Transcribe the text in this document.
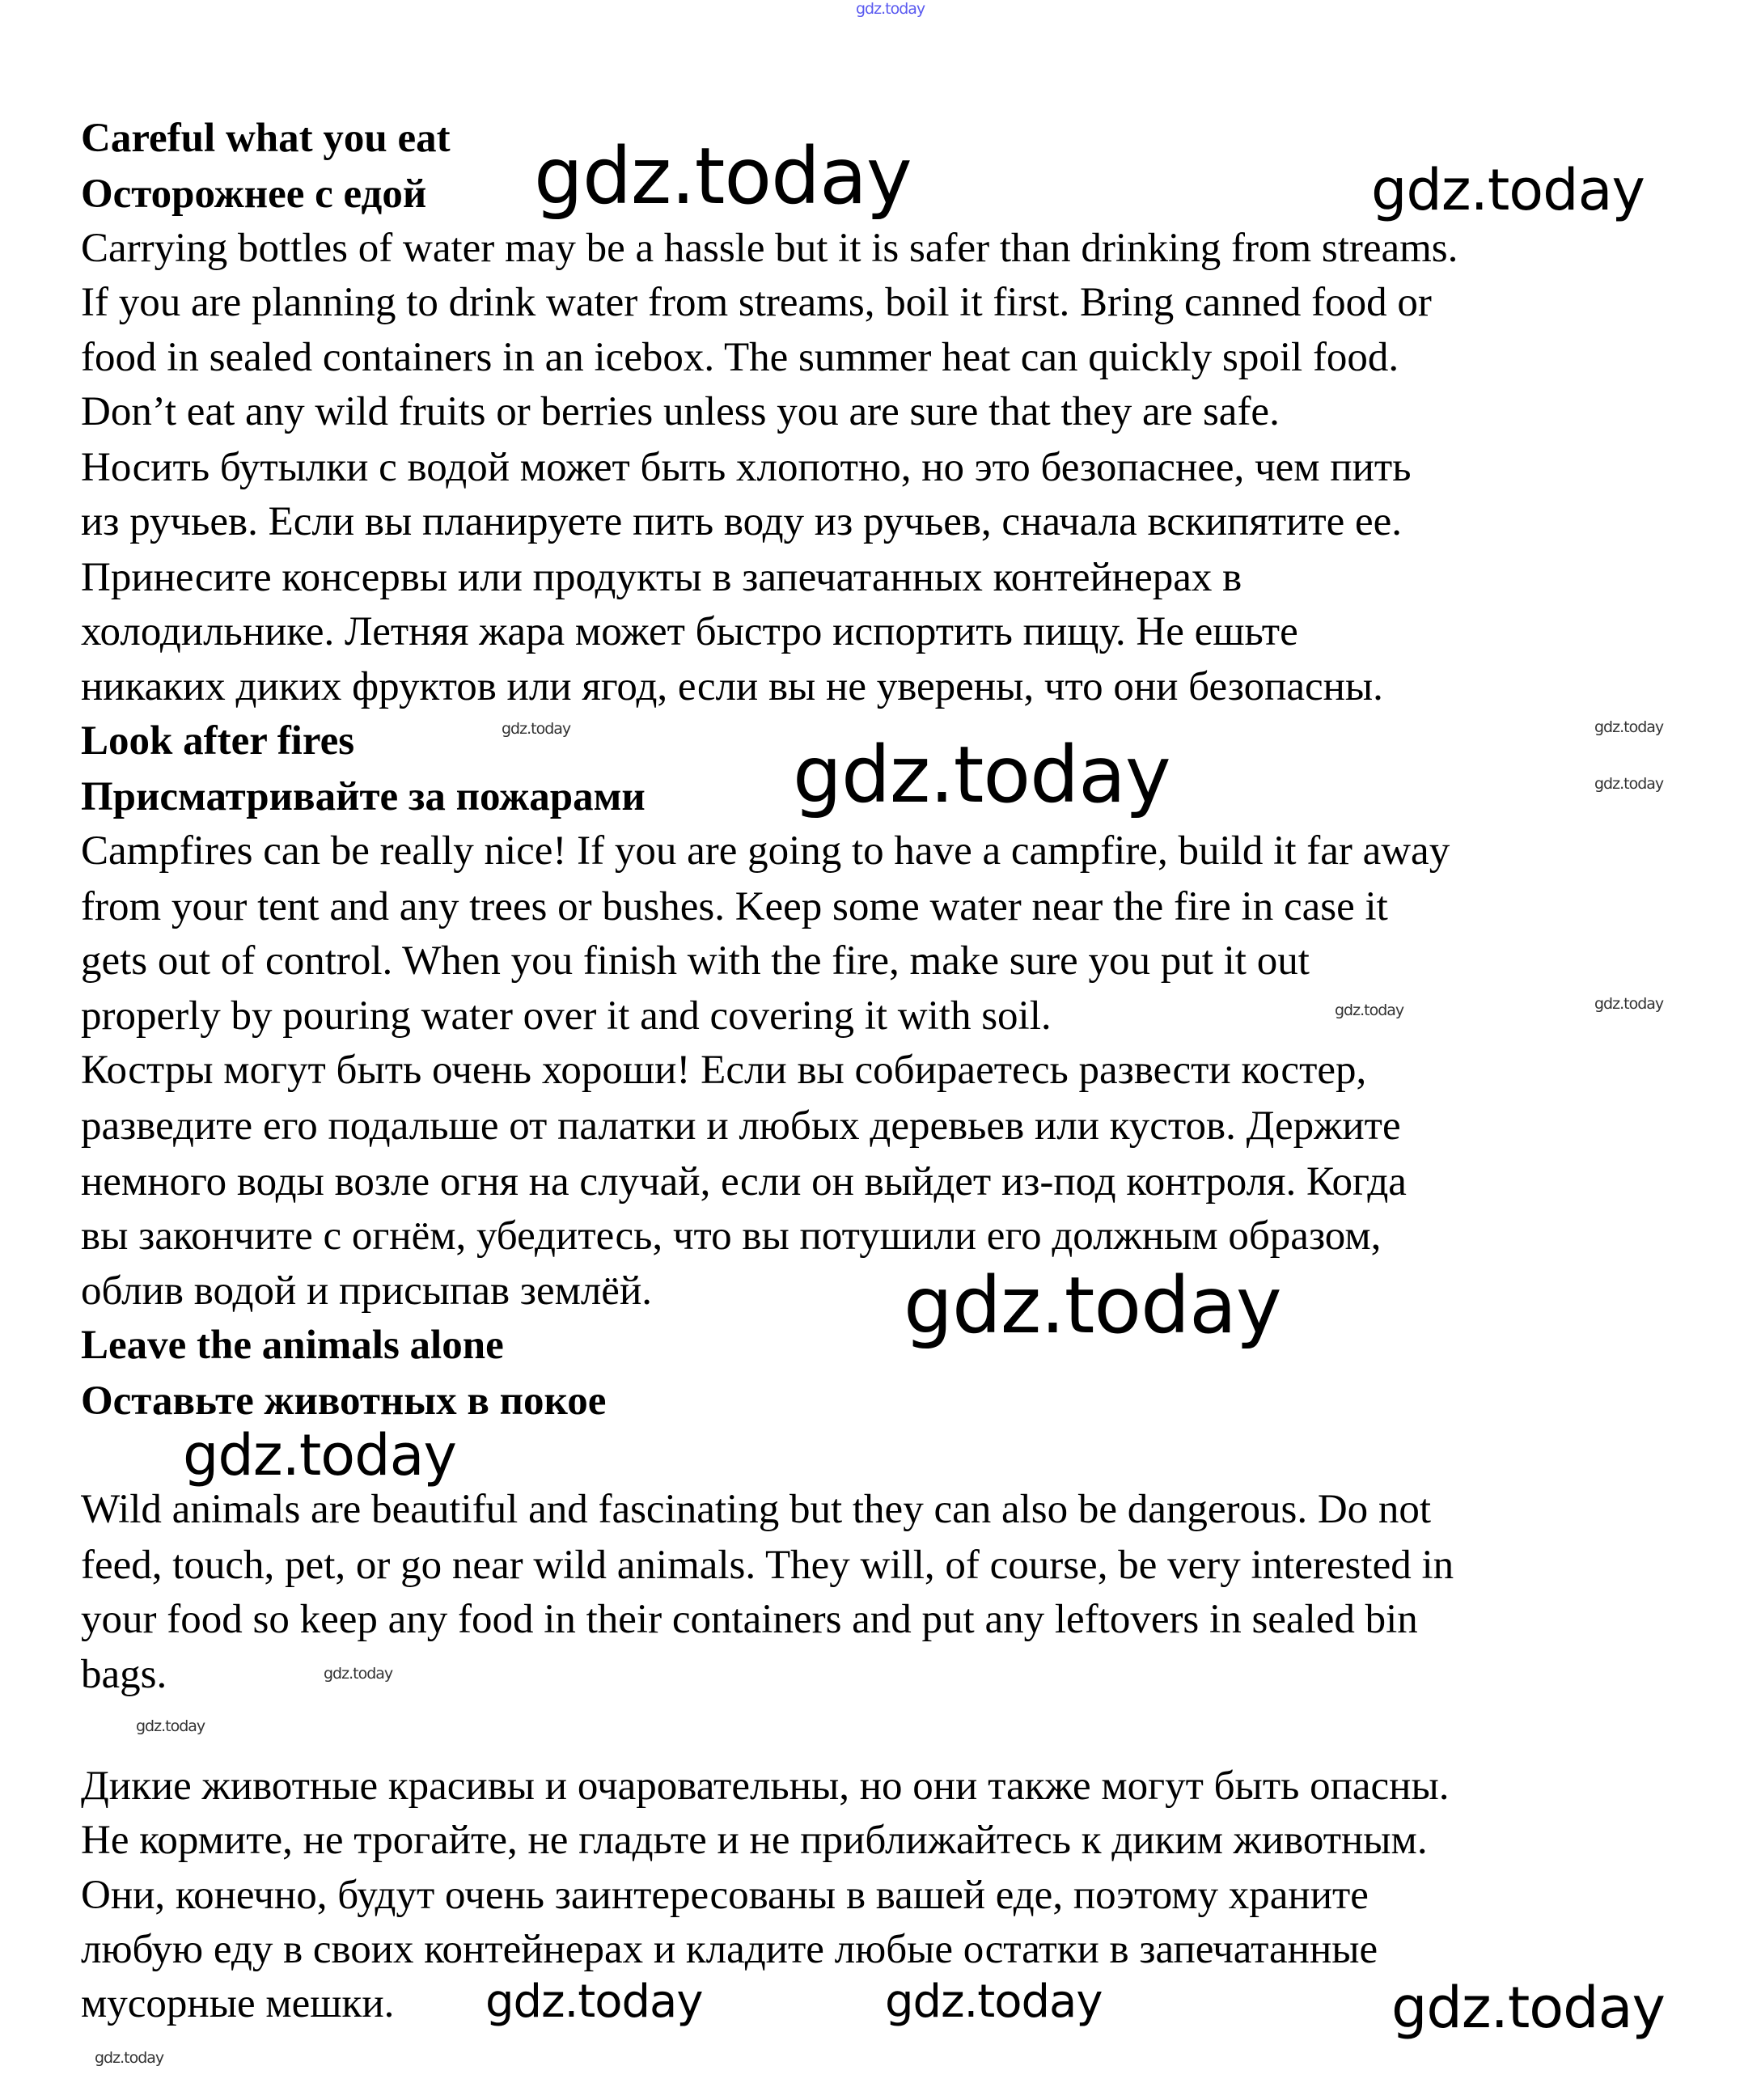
gdz.today
Careful what you eat
Осторожнее с едой
Carrying bottles of water may be a hassle but it is safer than drinking from streams.
If you are planning to drink water from streams, boil it first. Bring canned food or
food in sealed containers in an icebox. The summer heat can quickly spoil food.
Don’t eat any wild fruits or berries unless you are sure that they are safe.
Носить бутылки с водой может быть хлопотно, но это безопаснее, чем пить
из ручьев. Если вы планируете пить воду из ручьев, сначала вскипятите ее.
Принесите консервы или продукты в запечатанных контейнерах в
холодильнике. Летняя жара может быстро испортить пищу. Не ешьте
никаких диких фруктов или ягод, если вы не уверены, что они безопасны.
Look after fires
Присматривайте за пожарами
Campfires can be really nice! If you are going to have a campfire, build it far away
from your tent and any trees or bushes. Keep some water near the fire in case it
gets out of control. When you finish with the fire, make sure you put it out
properly by pouring water over it and covering it with soil.
Костры могут быть очень хороши! Если вы собираетесь развести костер,
разведите его подальше от палатки и любых деревьев или кустов. Держите
немного воды возле огня на случай, если он выйдет из-под контроля. Когда
вы закончите с огнём, убедитесь, что вы потушили его должным образом,
облив водой и присыпав землёй.
Leave the animals alone
Оставьте животных в покое
Wild animals are beautiful and fascinating but they can also be dangerous. Do not
feed, touch, pet, or go near wild animals. They will, of course, be very interested in
your food so keep any food in their containers and put any leftovers in sealed bin
bags.
Дикие животные красивы и очаровательны, но они также могут быть опасны.
Не кормите, не трогайте, не гладьте и не приближайтесь к диким животным.
Они, конечно, будут очень заинтересованы в вашей еде, поэтому храните
любую еду в своих контейнерах и кладите любые остатки в запечатанные
мусорные мешки.
gdz.today	gdz.today
gdz.today
gdz.today
gdz.today
gdz.today	gdz.today	gdz.today
gdz.today
gdz.today
gdz.today
gdz.today
gdz.today
gdz.today
gdz.today
gdz.today
